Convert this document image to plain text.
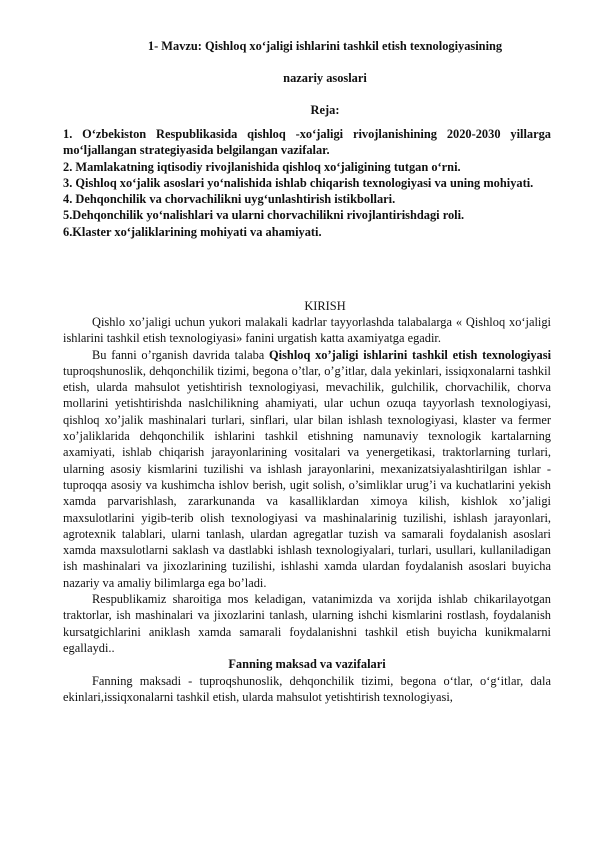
1- Mavzu: Qishloq xo‘jaligi ishlarini tashkil etish texnologiyasining
nazariy asoslari
Reja:
1. O‘zbekiston Respublikasida qishloq -xo‘jaligi rivojlanishining 2020-2030 yillarga mo‘ljallangan strategiyasida belgilangan vazifalar.
2. Mamlakatning iqtisodiy rivojlanishida qishloq xo‘jaligining tutgan o‘rni.
3. Qishloq xo‘jalik asoslari yo‘nalishida ishlab chiqarish texnologiyasi va uning mohiyati.
4. Dehqonchilik va chorvachilikni uyg‘unlashtirish istikbollari.
5.Dehqonchilik yo‘nalishlari va ularni chorvachilikni rivojlantirishdagi roli.
6.Klaster xo‘jaliklarining mohiyati va ahamiyati.
KIRISH

Qishlo xo’jaligi uchun yukori malakali kadrlar tayyorlashda talabalarga « Qishloq xo‘jaligi ishlarini tashkil etish texnologiyasi» fanini urgatish katta axamiyatga egadir.

Bu fanni o’rganish davrida talaba Qishloq xo’jaligi ishlarini tashkil etish texnologiyasi tuproqshunoslik, dehqonchilik tizimi, begona o’tlar, o’g’itlar, dala yekinlari, issiqxonalarni tashkil etish, ularda mahsulot yetishtirish texnologiyasi, mevachilik, gulchilik, chorvachilik, chorva mollarini yetishtirishda naslchilikning ahamiyati, ular uchun ozuqa tayyorlash texnologiyasi, qishloq xo’jalik mashinalari turlari, sinflari, ular bilan ishlash texnologiyasi, klaster va fermer xo’jaliklarida dehqonchilik ishlarini tashkil etishning namunaviy texnologik kartalarning axamiyati, ishlab chiqarish jarayonlarining vositalari va yenergetikasi, traktorlarning turlari, ularning asosiy kismlarini tuzilishi va ishlash jarayonlarini, mexanizatsiyalashtirilgan ishlar - tuproqqa asosiy va kushimcha ishlov berish, ugit solish, o’simliklar urug’i va kuchatlarini yekish xamda parvarishlash, zararkunanda va kasalliklardan ximoya kilish, kishlok xo’jaligi maxsulotlarini yigib-terib olish texnologiyasi va mashinalarinig tuzilishi, ishlash jarayonlari, agrotexnik talablari, ularni tanlash, ulardan agregatlar tuzish va samarali foydalanish asoslari xamda maxsulotlarni saklash va dastlabki ishlash texnologiyalari, turlari, usullari, kullaniladigan ish mashinalari va jixozlarining tuzilishi, ishlashi xamda ulardan foydalanish asoslari buyicha nazariy va amaliy bilimlarga ega bo’ladi.

Respublikamiz sharoitiga mos keladigan, vatanimizda va xorijda ishlab chikarilayotgan traktorlar, ish mashinalari va jixozlarini tanlash, ularning ishchi kismlarini rostlash, foydalanish kursatgichlarini aniklash xamda samarali foydalanishni tashkil etish buyicha kunikmalarni egallaydi..

Fanning maksad va vazifalari

Fanning maksadi - tuproqshunoslik, dehqonchilik tizimi, begona o‘tlar, o‘g‘itlar, dala ekinlari,issiqxonalarni tashkil etish, ularda mahsulot yetishtirish texnologiyasi,
